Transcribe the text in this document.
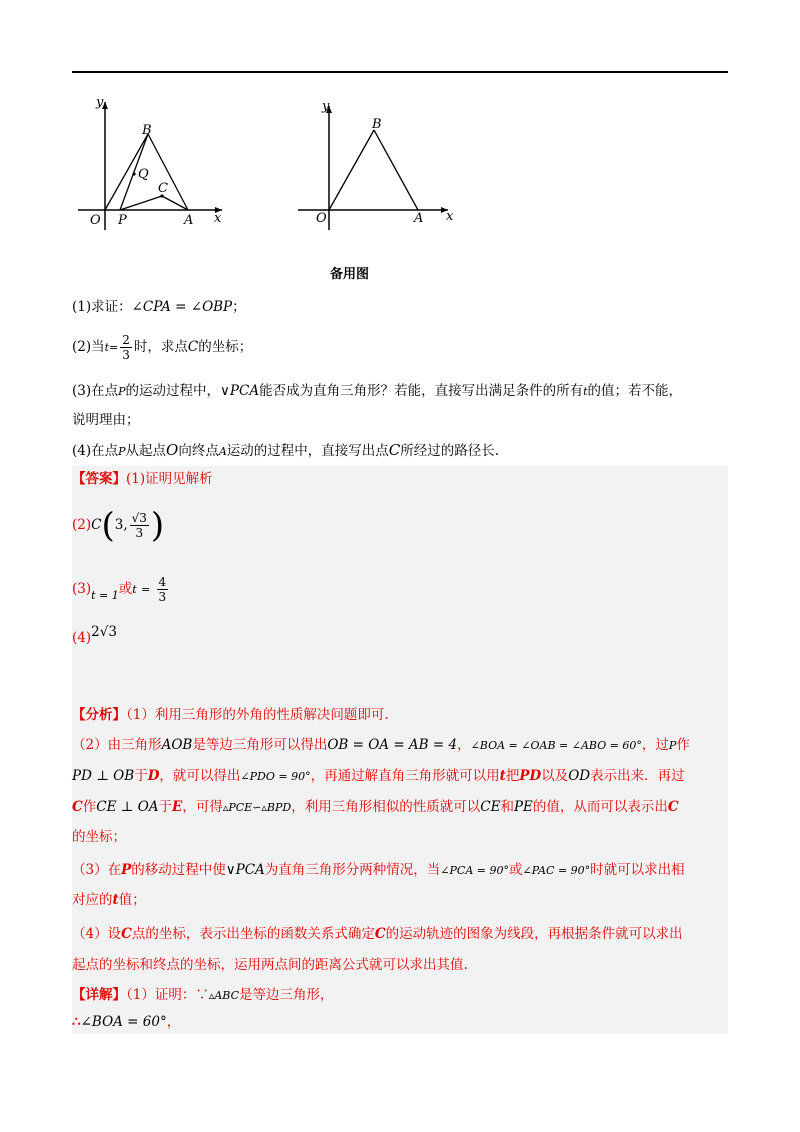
y
x
B
Q
C
O P	A
y
x
B
O	A
备用图
(1)求证：∠CPA = ∠OBP；
(2)当$t= \frac{2}{3}$ 时，求点C的坐标；
(3)在点P的运动过程中，∨PCA能否成为直角三角形？若能，直接写出满足条件的所有t的值；若不能，
说明理由；
(4)在点P从起点O向终点A运动的过程中，直接写出点C所经过的路径长.
【答案】(1)证明见解析
(2)C(3, $\frac{√3}{3}$ )
$(3)_{t = 1}$或$t = \frac{4}{3}$
(4)2√3
【分析】（1）利用三角形的外角的性质解决问题即可.
（2）由三角形AOB是等边三角形可以得出OB = OA = AB = 4，∠BOA = ∠OAB = ∠ABO = 60°，过P作
PD ⊥ OB于D，就可以得出∠PDO = 90°，再通过解直角三角形就可以用t把PD以及OD表示出来．再过
C作CE ⊥ OA于E，可得▵PCE∽▵BPD，利用三角形相似的性质就可以CE和PE的值，从而可以表示出C
的坐标；
（3）在P的移动过程中使∨PCA为直角三角形分两种情况，当∠PCA = 90°或∠PAC = 90°时就可以求出相
对应的t值；
（4）设C点的坐标，表示出坐标的函数关系式确定C的运动轨迹的图象为线段，再根据条件就可以求出
起点的坐标和终点的坐标，运用两点间的距离公式就可以求出其值.
【详解】（1）证明：∵▵ABC是等边三角形，
∴∠BOA = 60°，
